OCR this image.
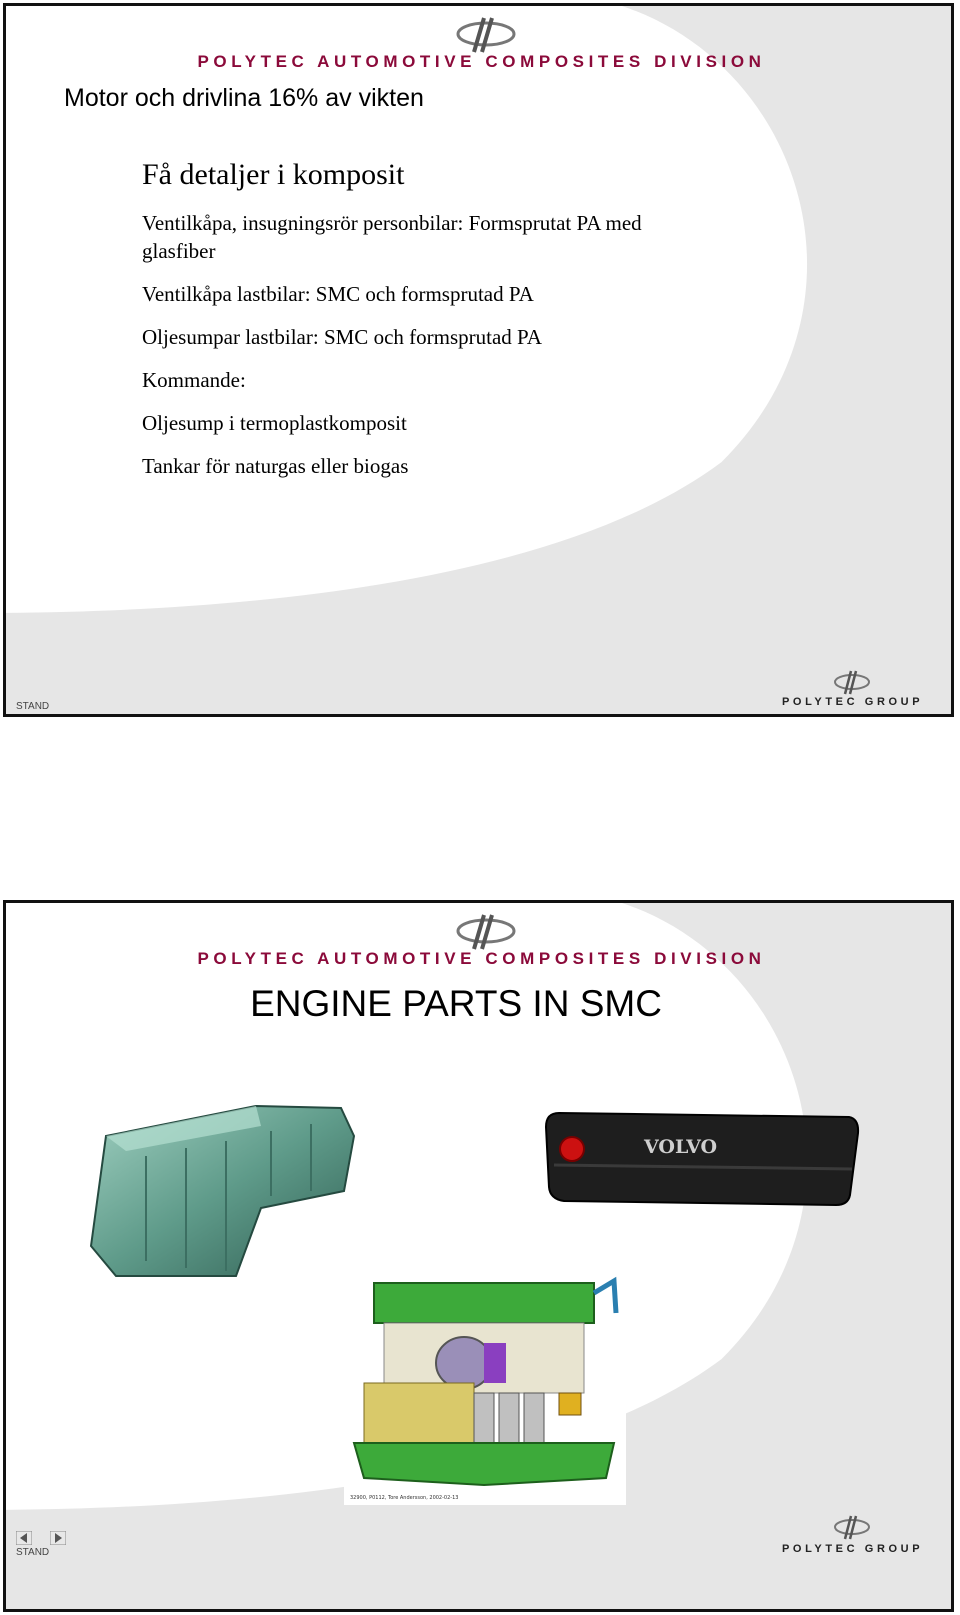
POLYTEC AUTOMOTIVE COMPOSITES DIVISION
Motor och drivlina 16% av vikten
Få detaljer i komposit

Ventilkåpa, insugningsrör personbilar: Formsprutat PA med glasfiber

Ventilkåpa lastbilar: SMC och formsprutad PA

Oljesumpar lastbilar: SMC och formsprutad PA

Kommande:

Oljesump i termoplastkomposit

Tankar för naturgas eller biogas

STAND	POLYTEC GROUP
POLYTEC AUTOMOTIVE COMPOSITES DIVISION
ENGINE PARTS IN SMC
VOLVO
32900, P0112, Tore Andersson, 2002-02-13
STAND	POLYTEC GROUP
